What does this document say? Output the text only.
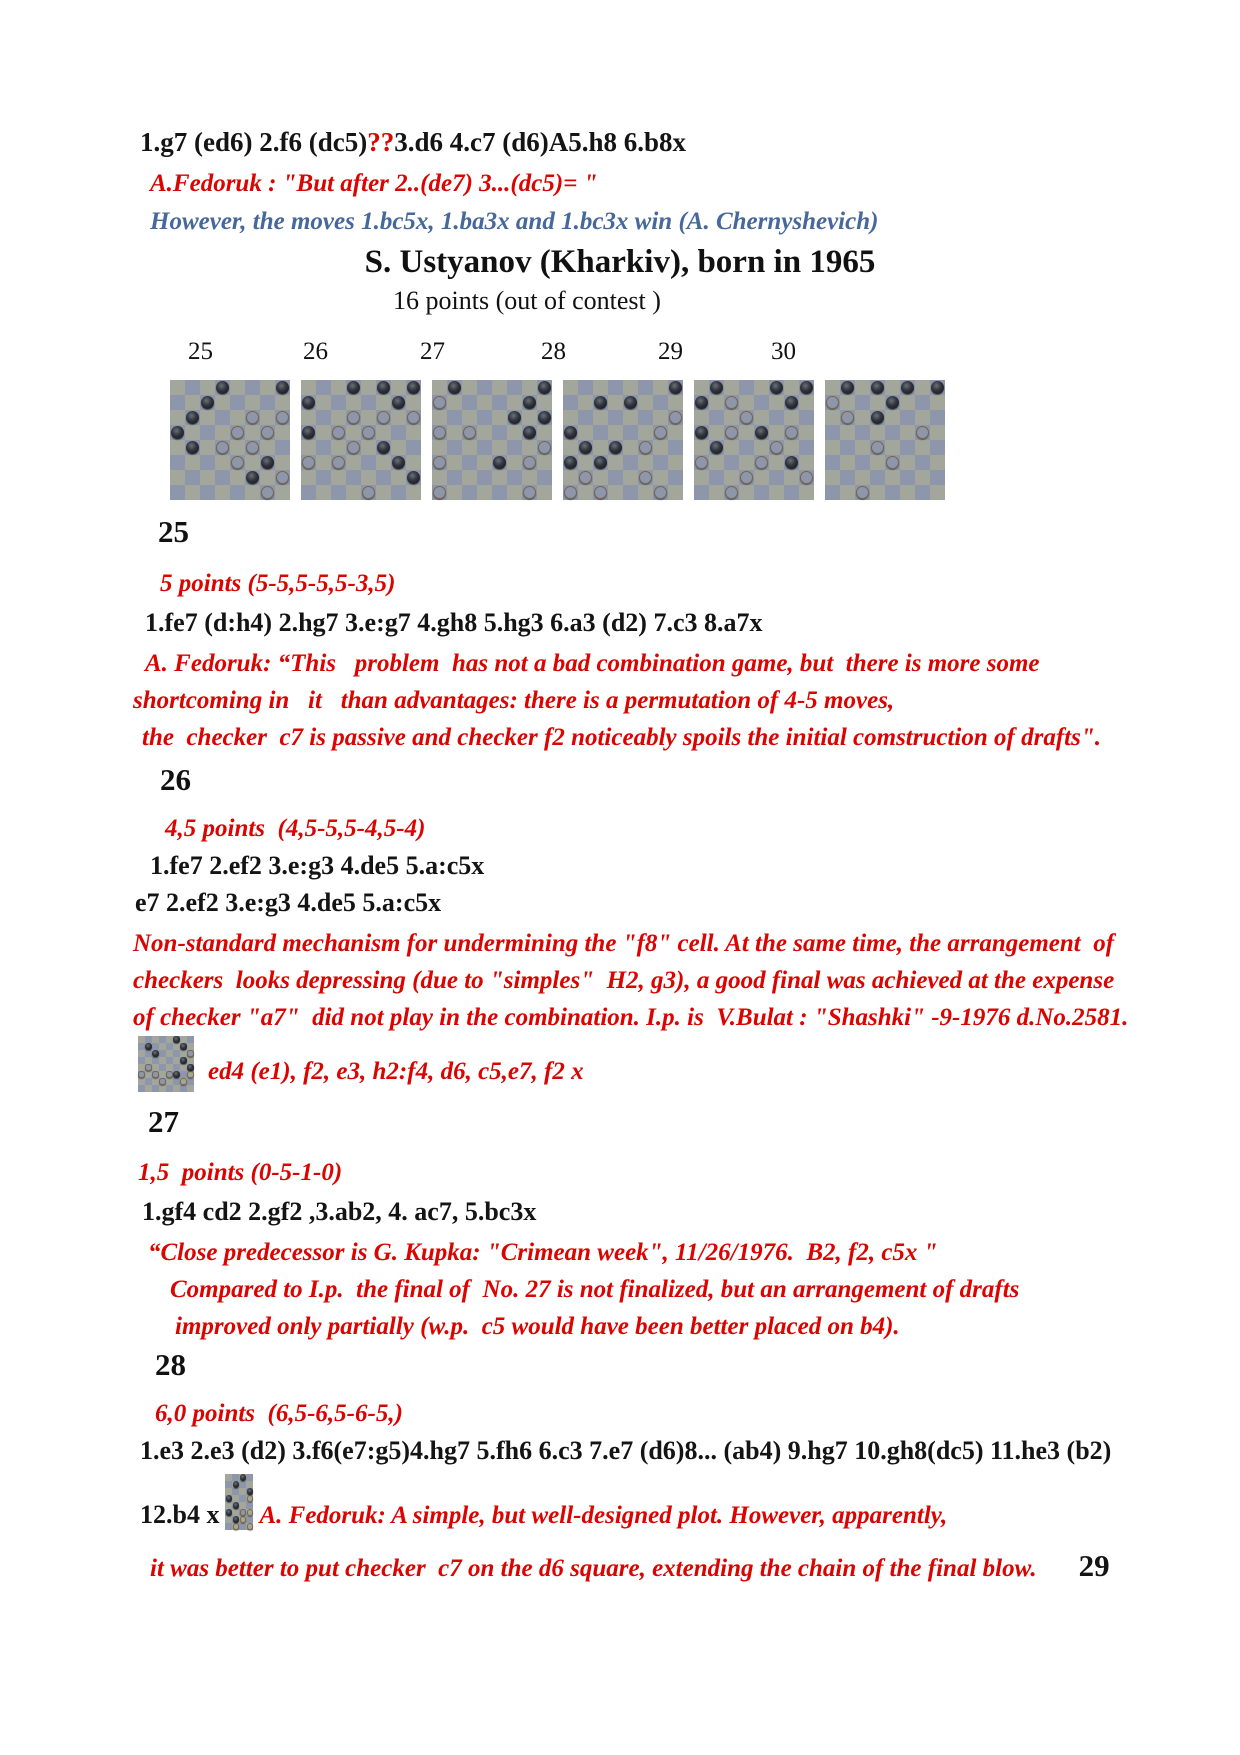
1.g7 (ed6) 2.f6 (dc5)??3.d6 4.c7 (d6)A5.h8 6.b8x
A.Fedoruk : "But after 2..(de7) 3...(dc5)= "
However, the moves 1.bc5x, 1.ba3x and 1.bc3x win (A. Chernyshevich)
S. Ustyanov (Kharkiv), born in 1965
16 points (out of contest )
25	26	27	28	29	30
25
5 points (5-5,5-5,5-3,5)
1.fe7 (d:h4) 2.hg7 3.e:g7 4.gh8 5.hg3 6.a3 (d2) 7.c3 8.a7x
A. Fedoruk: “This   problem  has not a bad combination game, but  there is more some
shortcoming in   it   than advantages: there is a permutation of 4-5 moves,
the  checker  c7 is passive and checker f2 noticeably spoils the initial comstruction of drafts".
26
4,5 points  (4,5-5,5-4,5-4)
1.fe7 2.ef2 3.e:g3 4.de5 5.a:c5x
e7 2.ef2 3.e:g3 4.de5 5.a:c5x
Non-standard mechanism for undermining the "f8" cell. At the same time, the arrangement  of
checkers  looks depressing (due to "simples"  H2, g3), a good final was achieved at the expense
of checker "a7"  did not play in the combination. I.p. is  V.Bulat : "Shashki" -9-1976 d.No.2581.
ed4 (e1), f2, e3, h2:f4, d6, c5,e7, f2 x
27
1,5  points (0-5-1-0)
1.gf4 cd2 2.gf2 ,3.ab2, 4. ac7, 5.bc3x
“Close predecessor is G. Kupka: "Crimean week", 11/26/1976.  B2, f2, c5x "
Compared to I.p.  the final of  No. 27 is not finalized, but an arrangement of drafts
improved only partially (w.p.  c5 would have been better placed on b4).
28
6,0 points  (6,5-6,5-6-5,)
1.e3 2.e3 (d2) 3.f6(e7:g5)4.hg7 5.fh6 6.c3 7.e7 (d6)8... (ab4) 9.hg7 10.gh8(dc5) 11.he3 (b2)
12.b4 x A. Fedoruk: A simple, but well-designed plot. However, apparently,
it was better to put checker  c7 on the d6 square, extending the chain of the final blow. 29
